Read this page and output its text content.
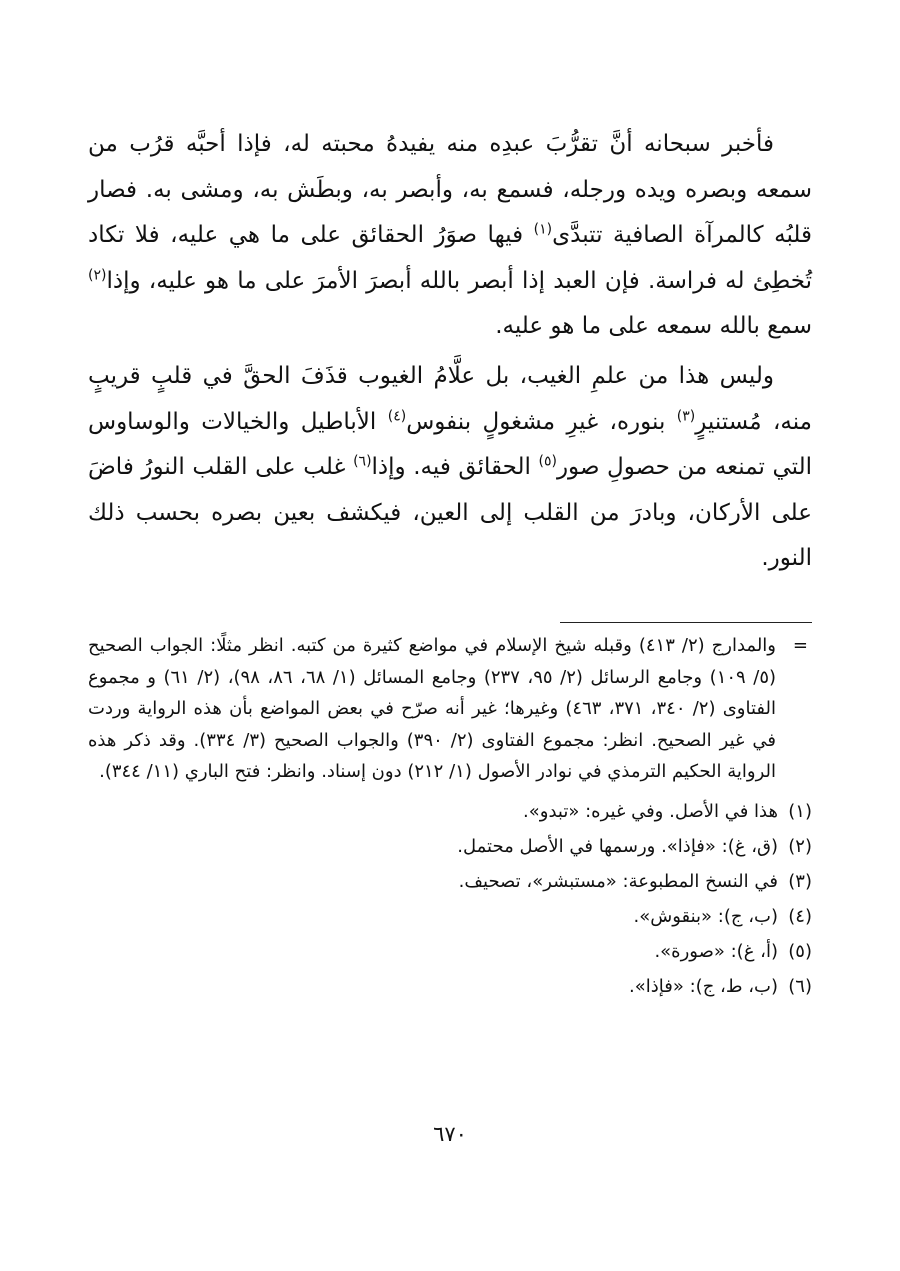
فأخبر سبحانه أنَّ تقرُّبَ عبدِه منه يفيدهُ محبته له، فإذا أحبَّه قرُب من سمعه وبصره ويده ورجله، فسمع به، وأبصر به، وبطَش به، ومشى به. فصار قلبُه كالمرآة الصافية تتبدَّى$^{(١)}$ فيها صوَرُ الحقائق على ما هي عليه، فلا تكاد تُخطِئ له فراسة. فإن العبد إذا أبصر بالله أبصرَ الأمرَ على ما هو عليه، وإذا$^{(٢)}$ سمع بالله سمعه على ما هو عليه.

وليس هذا من علمِ الغيب، بل علَّامُ الغيوب قذَفَ الحقَّ في قلبٍ قريبٍ منه، مُستنيرٍ$^{(٣)}$ بنوره، غيرِ مشغولٍ بنفوس$^{(٤)}$ الأباطيل والخيالات والوساوس التي تمنعه من حصولِ صور$^{(٥)}$ الحقائق فيه. وإذا$^{(٦)}$ غلب على القلب النورُ فاضَ على الأركان، وبادرَ من القلب إلى العين، فيكشف بعين بصره بحسب ذلك النور.

=
والمدارج (٢/ ٤١٣) وقبله شيخ الإسلام في مواضع كثيرة من كتبه. انظر مثلًا: الجواب الصحيح (٥/ ١٠٩) وجامع الرسائل (٢/ ٩٥، ٢٣٧) وجامع المسائل (١/ ٦٨، ٨٦، ٩٨)، (٢/ ٦١) و مجموع الفتاوى (٢/ ٣٤٠، ٣٧١، ٤٦٣) وغيرها؛ غير أنه صرّح في بعض المواضع بأن هذه الرواية وردت في غير الصحيح. انظر: مجموع الفتاوى (٢/ ٣٩٠) والجواب الصحيح (٣/ ٣٣٤). وقد ذكر هذه الرواية الحكيم الترمذي في نوادر الأصول (١/ ٢١٢) دون إسناد. وانظر: فتح الباري (١١/ ٣٤٤).
(١)
هذا في الأصل. وفي غيره: «تبدو».
(٢)
(ق، غ): «فإذا». ورسمها في الأصل محتمل.
(٣)
في النسخ المطبوعة: «مستبشر»، تصحيف.
(٤)
(ب، ج): «بنقوش».
(٥)
(أ، غ): «صورة».
(٦)
(ب، ط، ج): «فإذا».
٦٧٠
